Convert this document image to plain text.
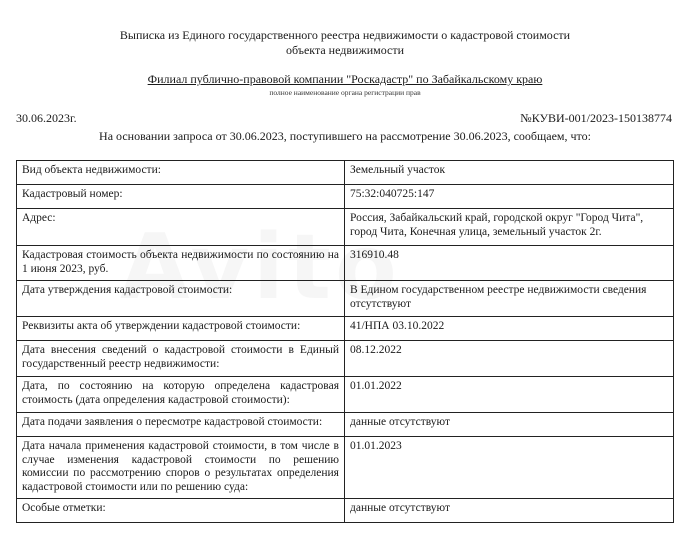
Выписка из Единого государственного реестра недвижимости о кадастровой стоимости
объекта недвижимости
Филиал публично-правовой компании "Роскадастр" по Забайкальскому краю
полное наименование органа регистрации прав
30.06.2023г.	№КУВИ-001/2023-150138774
На основании запроса от 30.06.2023, поступившего на рассмотрение 30.06.2023, сообщаем, что:
Вид объекта недвижимости:	Земельный участок
Кадастровый номер:	75:32:040725:147
Адрес:	Россия, Забайкальский край, городской округ "Город Чита", город Чита, Конечная улица, земельный участок 2г.
Кадастровая стоимость объекта недвижимости по состоянию на 1 июня 2023, руб.	316910.48
Дата утверждения кадастровой стоимости:	В Едином государственном реестре недвижимости сведения отсутствуют
Реквизиты акта об утверждении кадастровой стоимости:	41/НПА 03.10.2022
Дата внесения сведений о кадастровой стоимости в Единый государственный реестр недвижимости:	08.12.2022
Дата, по состоянию на которую определена кадастровая стоимость (дата определения кадастровой стоимости):	01.01.2022
Дата подачи заявления о пересмотре кадастровой стоимости:	данные отсутствуют
Дата начала применения кадастровой стоимости, в том числе в случае изменения кадастровой стоимости по решению комиссии по рассмотрению споров о результатах определения кадастровой стоимости или по решению суда:	01.01.2023
Особые отметки:	данные отсутствуют
